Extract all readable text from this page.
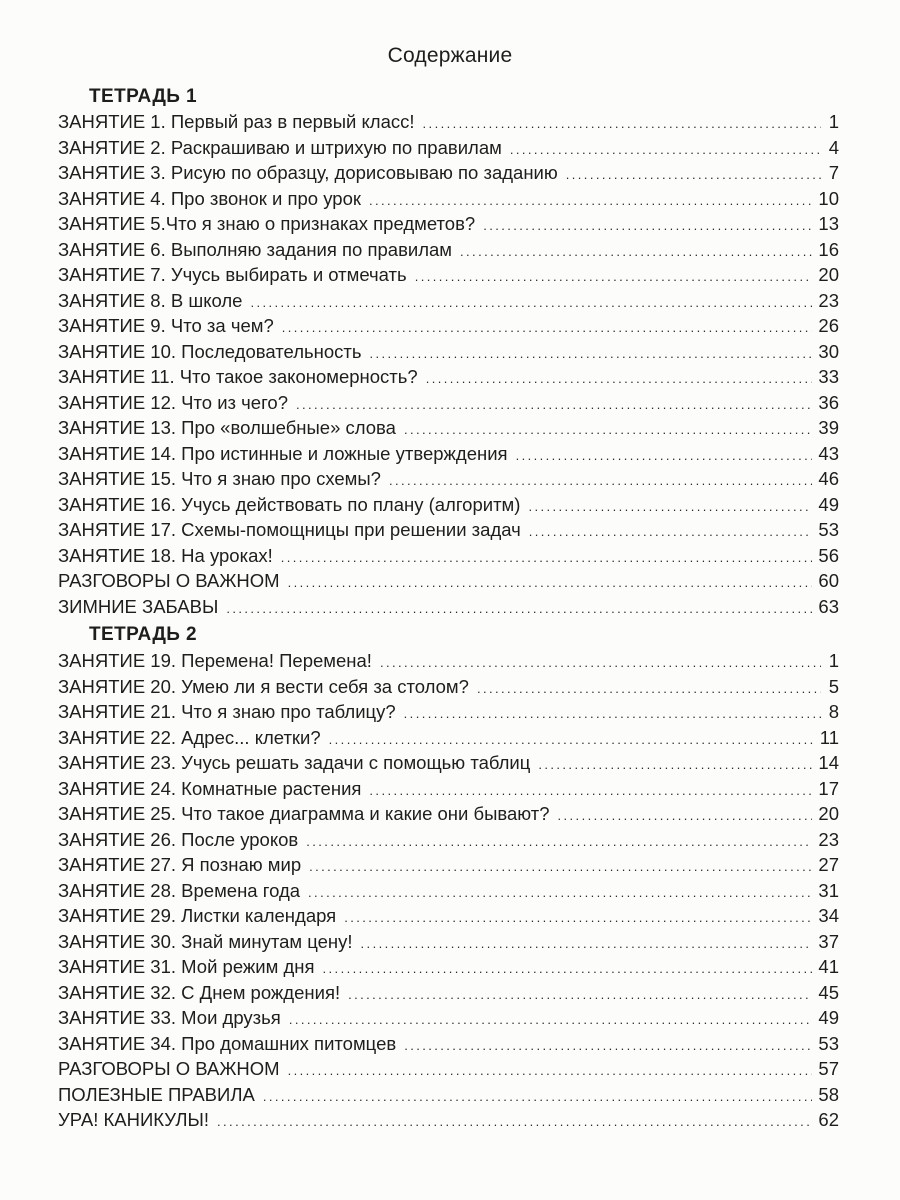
Содержание
ТЕТРАДЬ 1
ЗАНЯТИЕ 1. Первый раз в первый класс! .....	1
ЗАНЯТИЕ 2. Раскрашиваю и штрихую по правилам .....	4
ЗАНЯТИЕ 3. Рисую по образцу, дорисовываю по заданию .....	7
ЗАНЯТИЕ 4. Про звонок и про урок .....	10
ЗАНЯТИЕ 5.Что я знаю о признаках предметов? .....	13
ЗАНЯТИЕ 6. Выполняю задания по правилам .....	16
ЗАНЯТИЕ 7. Учусь выбирать и отмечать .....	20
ЗАНЯТИЕ 8. В школе .....	23
ЗАНЯТИЕ 9. Что за чем? .....	26
ЗАНЯТИЕ 10. Последовательность .....	30
ЗАНЯТИЕ 11. Что такое закономерность? .....	33
ЗАНЯТИЕ 12. Что из чего? .....	36
ЗАНЯТИЕ 13. Про «волшебные» слова .....	39
ЗАНЯТИЕ 14. Про истинные и ложные утверждения .....	43
ЗАНЯТИЕ 15. Что я знаю про схемы? .....	46
ЗАНЯТИЕ 16. Учусь действовать по плану (алгоритм) .....	49
ЗАНЯТИЕ 17. Схемы-помощницы при решении задач .....	53
ЗАНЯТИЕ 18. На уроках! .....	56
РАЗГОВОРЫ О ВАЖНОМ .....	60
ЗИМНИЕ ЗАБАВЫ .....	63
ТЕТРАДЬ 2
ЗАНЯТИЕ 19. Перемена! Перемена! .....	1
ЗАНЯТИЕ 20. Умею ли я вести себя за столом? .....	5
ЗАНЯТИЕ 21. Что я знаю про таблицу? .....	8
ЗАНЯТИЕ 22. Адрес... клетки? .....	11
ЗАНЯТИЕ 23. Учусь решать задачи с помощью таблиц .....	14
ЗАНЯТИЕ 24. Комнатные растения .....	17
ЗАНЯТИЕ 25. Что такое диаграмма и какие они бывают? .....	20
ЗАНЯТИЕ 26. После уроков .....	23
ЗАНЯТИЕ 27. Я познаю мир .....	27
ЗАНЯТИЕ 28. Времена года .....	31
ЗАНЯТИЕ 29. Листки календаря .....	34
ЗАНЯТИЕ 30. Знай минутам цену! .....	37
ЗАНЯТИЕ 31. Мой режим дня .....	41
ЗАНЯТИЕ 32. С Днем рождения! .....	45
ЗАНЯТИЕ 33. Мои друзья .....	49
ЗАНЯТИЕ 34. Про домашних питомцев .....	53
РАЗГОВОРЫ О ВАЖНОМ .....	57
ПОЛЕЗНЫЕ ПРАВИЛА .....	58
УРА! КАНИКУЛЫ! .....	62
